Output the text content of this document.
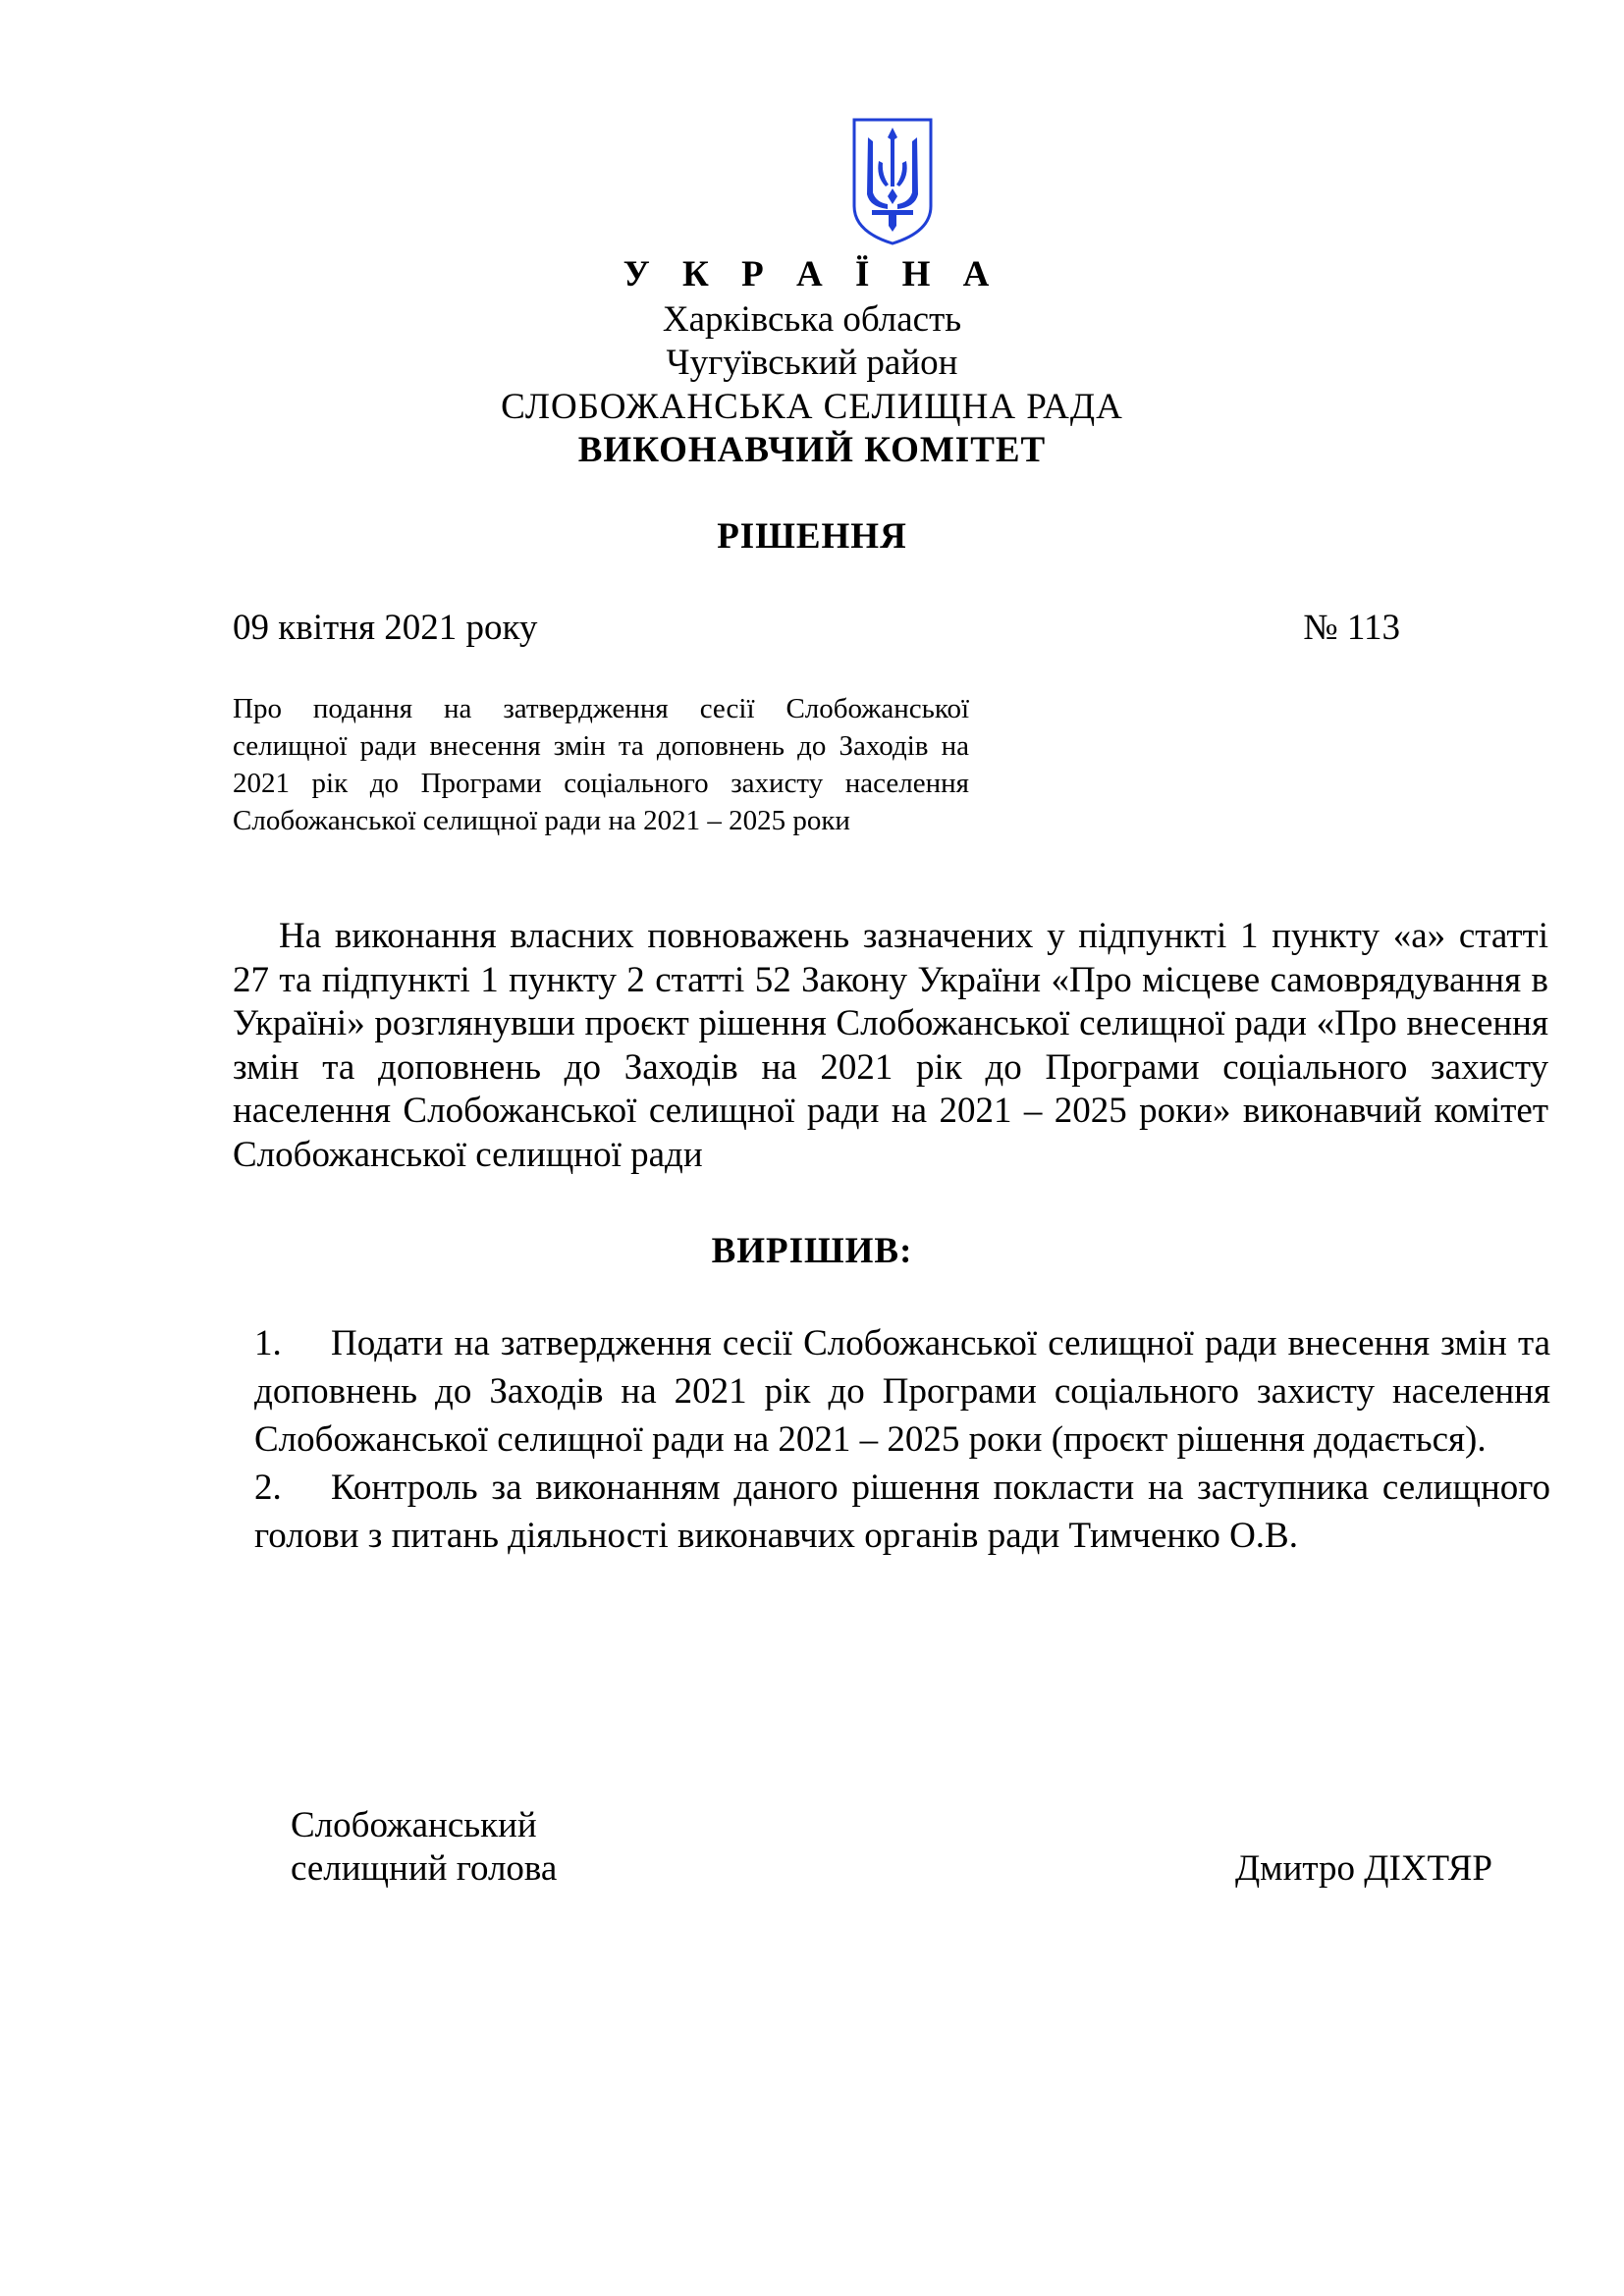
У К Р А Ї Н А
Харківська область
Чугуївський район
СЛОБОЖАНСЬКА СЕЛИЩНА РАДА
ВИКОНАВЧИЙ КОМІТЕТ
РІШЕННЯ
09 квітня 2021 року	№ 113
Про подання на затвердження сесії Слобожанської селищної ради внесення змін та доповнень до Заходів на 2021 рік до Програми соціального захисту населення Слобожанської селищної ради на 2021 – 2025 роки
На виконання власних повноважень зазначених у підпункті 1 пункту «а» статті 27 та підпункті 1 пункту 2 статті 52 Закону України «Про місцеве самоврядування в Україні» розглянувши проєкт рішення Слобожанської селищної ради «Про внесення змін та доповнень до Заходів на 2021 рік до Програми соціального захисту населення Слобожанської селищної ради на 2021 – 2025 роки» виконавчий комітет Слобожанської селищної ради
ВИРІШИВ:
1. Подати на затвердження сесії Слобожанської селищної ради внесення змін та доповнень до Заходів на 2021 рік до Програми соціального захисту населення Слобожанської селищної ради на 2021 – 2025 роки (проєкт рішення додається).
2. Контроль за виконанням даного рішення покласти на заступника селищного голови з питань діяльності виконавчих органів ради Тимченко О.В.
Слобожанський
селищний голова	Дмитро ДІХТЯР
